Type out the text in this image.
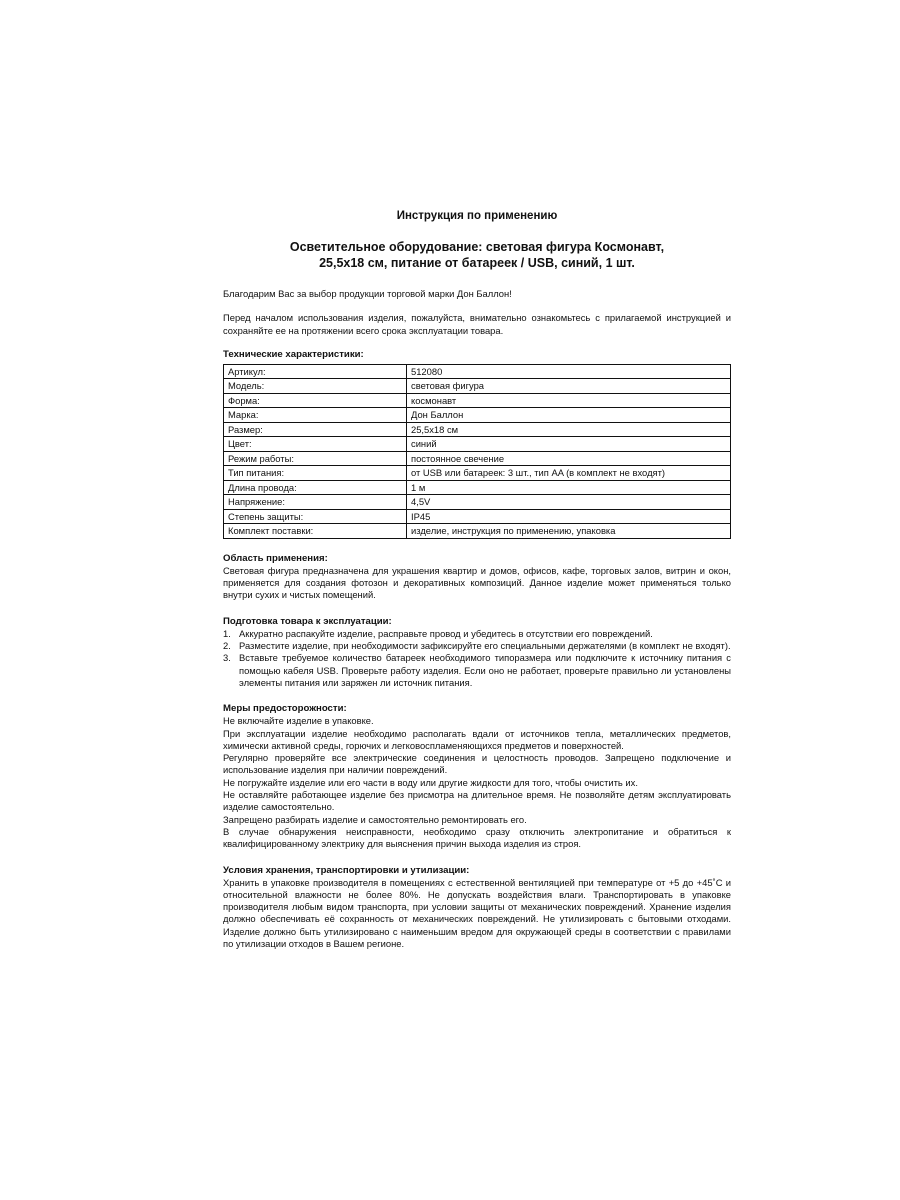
Инструкция по применению
Осветительное оборудование: световая фигура Космонавт,
25,5х18 см, питание от батареек / USB, синий, 1 шт.

Благодарим Вас за выбор продукции торговой марки Дон Баллон!

Перед началом использования изделия, пожалуйста, внимательно ознакомьтесь с прилагаемой инструкцией и сохраняйте ее на протяжении всего срока эксплуатации товара.

Технические характеристики:
Артикул:	512080
Модель:	световая фигура
Форма:	космонавт
Марка:	Дон Баллон
Размер:	25,5х18 см
Цвет:	синий
Режим работы:	постоянное свечение
Тип питания:	от USB или батареек: 3 шт., тип AA (в комплект не входят)
Длина провода:	1 м
Напряжение:	4,5V
Степень защиты:	IP45
Комплект поставки:	изделие, инструкция по применению, упаковка
Область применения:

Световая фигура предназначена для украшения квартир и домов, офисов, кафе, торговых залов, витрин и окон, применяется для создания фотозон и декоративных композиций. Данное изделие может применяться только внутри сухих и чистых помещений.

Подготовка товара к эксплуатации:
1. Аккуратно распакуйте изделие, расправьте провод и убедитесь в отсутствии его повреждений.
2. Разместите изделие, при необходимости зафиксируйте его специальными держателями (в комплект не входят).
3. Вставьте требуемое количество батареек необходимого типоразмера или подключите к источнику питания с помощью кабеля USB. Проверьте работу изделия. Если оно не работает, проверьте правильно ли установлены элементы питания или заряжен ли источник питания.
Меры предосторожности:

Не включайте изделие в упаковке.

При эксплуатации изделие необходимо располагать вдали от источников тепла, металлических предметов, химически активной среды, горючих и легковоспламеняющихся предметов и поверхностей.

Регулярно проверяйте все электрические соединения и целостность проводов. Запрещено подключение и использование изделия при наличии повреждений.

Не погружайте изделие или его части в воду или другие жидкости для того, чтобы очистить их.

Не оставляйте работающее изделие без присмотра на длительное время. Не позволяйте детям эксплуатировать изделие самостоятельно.

Запрещено разбирать изделие и самостоятельно ремонтировать его.

В случае обнаружения неисправности, необходимо сразу отключить электропитание и обратиться к квалифицированному электрику для выяснения причин выхода изделия из строя.

Условия хранения, транспортировки и утилизации:

Хранить в упаковке производителя в помещениях с естественной вентиляцией при температуре от +5 до +45˚С и относительной влажности не более 80%. Не допускать воздействия влаги. Транспортировать в упаковке производителя любым видом транспорта, при условии защиты от механических повреждений. Хранение изделия должно обеспечивать её сохранность от механических повреждений. Не утилизировать с бытовыми отходами. Изделие должно быть утилизировано с наименьшим вредом для окружающей среды в соответствии с правилами по утилизации отходов в Вашем регионе.
